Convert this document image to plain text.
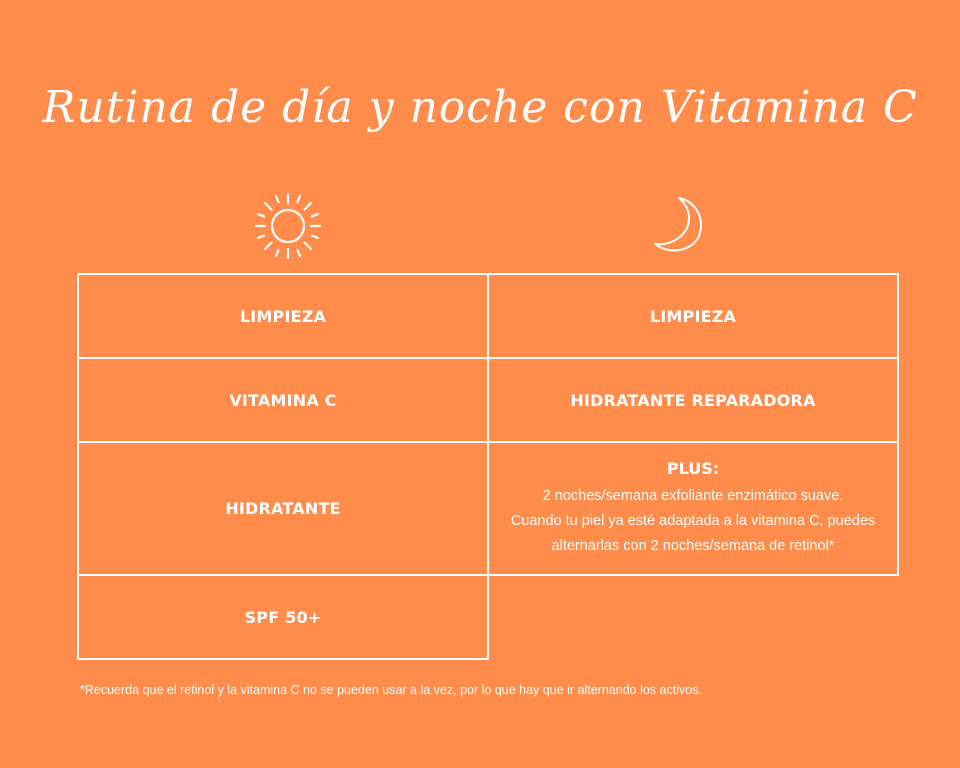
Rutina de día y noche con Vitamina C
LIMPIEZA
VITAMINA C
HIDRATANTE
SPF 50+
LIMPIEZA
HIDRATANTE REPARADORA
PLUS:
2 noches/semana exfoliante enzimático suave.
Cuando tu piel ya esté adaptada a la vitamina C, puedes
alternarlas con 2 noches/semana de retinol*
*Recuerda que el retinol y la vitamina C no se pueden usar a la vez, por lo que hay que ir alternando los activos.
